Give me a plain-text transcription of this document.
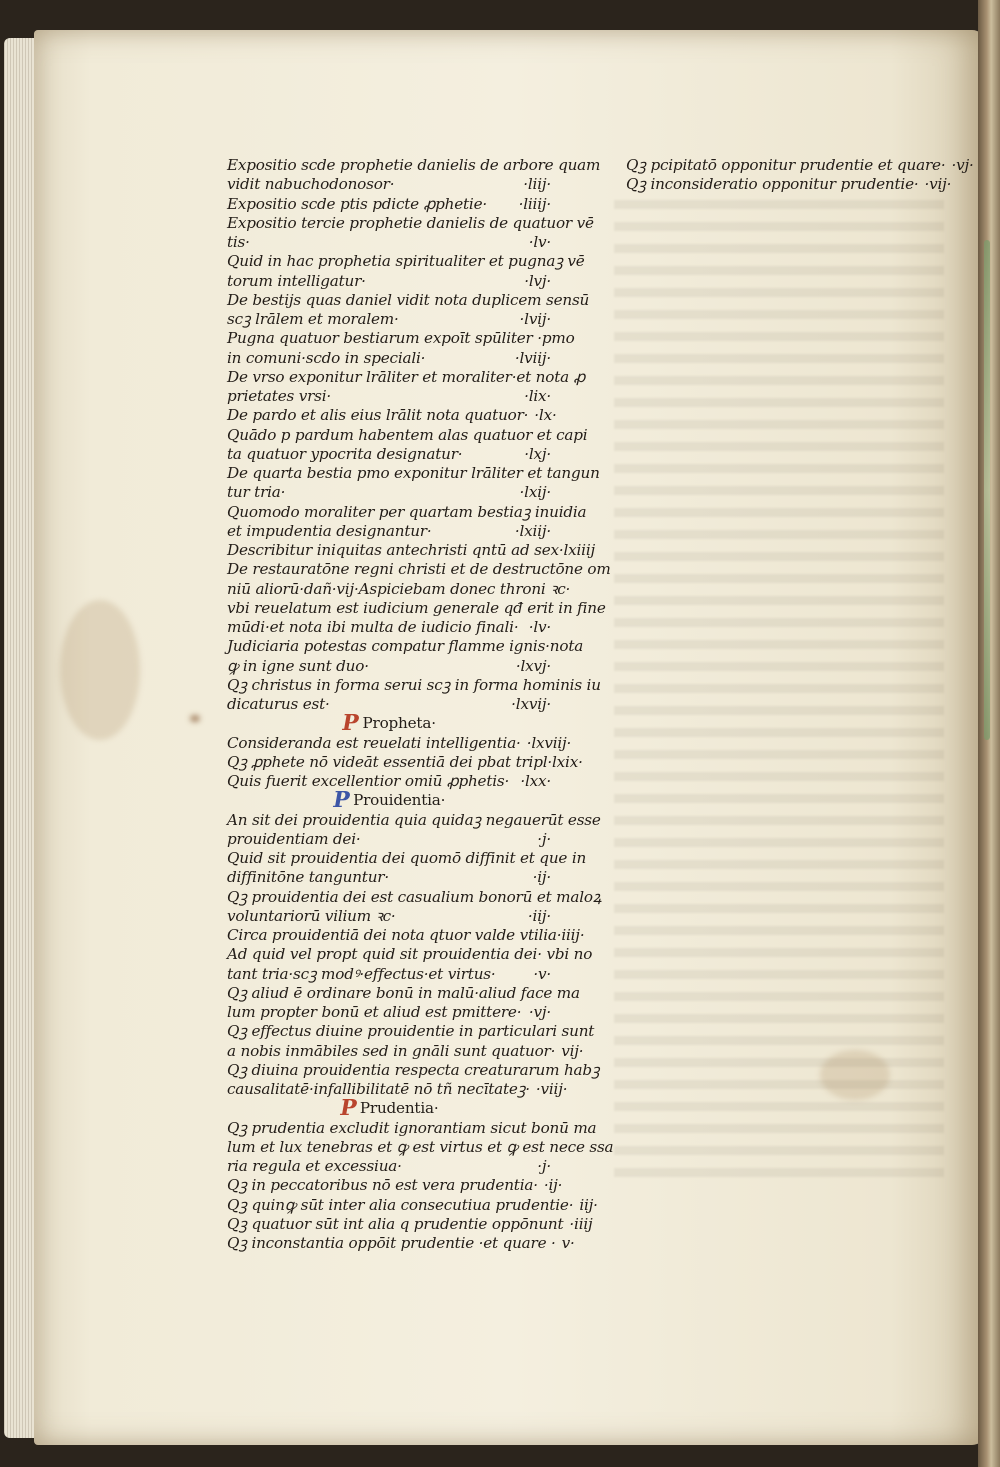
Expositio scde prophetie danielis de arbore quam
vidit nabuchodonosor·	·liij·
Expositio scde ptis pdicte ꝓphetie·	·liiij·
Expositio tercie prophetie danielis de quatuor vē
tis·	·lv·
Quid in hac prophetia spiritualiter et pugnaꝫ vē
torum intelligatur·	·lvj·
De bestijs quas daniel vidit nota duplicem sensū
scꝫ lrālem et moralem·	·lvij·
Pugna quatuor bestiarum expoīt spūliter ·pmo
in comuni·scdo in speciali·	·lviij·
De vrso exponitur lrāliter et moraliter·et nota ꝓ
prietates vrsi·	·lix·
De pardo et alis eius lrālit nota quatuor· ·lx·
Quādo p pardum habentem alas quatuor et capi
ta quatuor ypocrita designatur·	·lxj·
De quarta bestia pmo exponitur lrāliter et tangun
tur tria·	·lxij·
Quomodo moraliter per quartam bestiaꝫ inuidia
et impudentia designantur·	·lxiij·
Describitur iniquitas antechristi qntū ad sex·lxiiij
De restauratōne regni christi et de destructōne om
niū aliorū·dañ·vij·Aspiciebam donec throni ꝛc·
vbi reuelatum est iudicium generale qđ erit in fine
mūdi·et nota ibi multa de iudicio finali· ·lv·
Judiciaria potestas compatur flamme ignis·nota
ꝙ in igne sunt duo·	·lxvj·
Qꝫ christus in forma serui scꝫ in forma hominis iu
dicaturus est·	·lxvij·
P Propheta·
Consideranda est reuelati intelligentia· ·lxviij·
Qꝫ ꝓphete nō videāt essentiā dei pbat tripl·lxix·
Quis fuerit excellentior omiū ꝓphetis· ·lxx·
P Prouidentia·
An sit dei prouidentia quia quidaꝫ negauerūt esse
prouidentiam dei·	·j·
Quid sit prouidentia dei quomō diffinit et que in
diffinitōne tanguntur·	·ij·
Qꝫ prouidentia dei est casualium bonorū et maloꝝ
voluntariorū vilium ꝛc·	·iij·
Circa prouidentiā dei nota qtuor valde vtilia·iiij·
Ad quid vel propt quid sit prouidentia dei· vbi no
tant tria·scꝫ modꝰ·effectus·et virtus·	·v·
Qꝫ aliud ē ordinare bonū in malū·aliud face ma
lum propter bonū et aliud est pmittere· ·vj·
Qꝫ effectus diuine prouidentie in particulari sunt
a nobis inmābiles sed in gnāli sunt quatuor· vij·
Qꝫ diuina prouidentia respecta creaturarum habꝫ
causalitatē·infallibilitatē nō tñ necītateꝫ· ·viij·
P Prudentia·
Qꝫ prudentia excludit ignorantiam sicut bonū ma
lum et lux tenebras et ꝙ est virtus et ꝙ est nece ssa
ria regula et excessiua·	·j·
Qꝫ in peccatoribus nō est vera prudentia· ·ij·
Qꝫ quinꝙ sūt inter alia consecutiua prudentie· iij·
Qꝫ quatuor sūt int alia q prudentie oppōnunt ·iiij
Qꝫ inconstantia oppōit prudentie ·et quare · v·
Qꝫ pcipitatō opponitur prudentie et quare· ·vj·
Qꝫ inconsideratio opponitur prudentie· ·vij·
